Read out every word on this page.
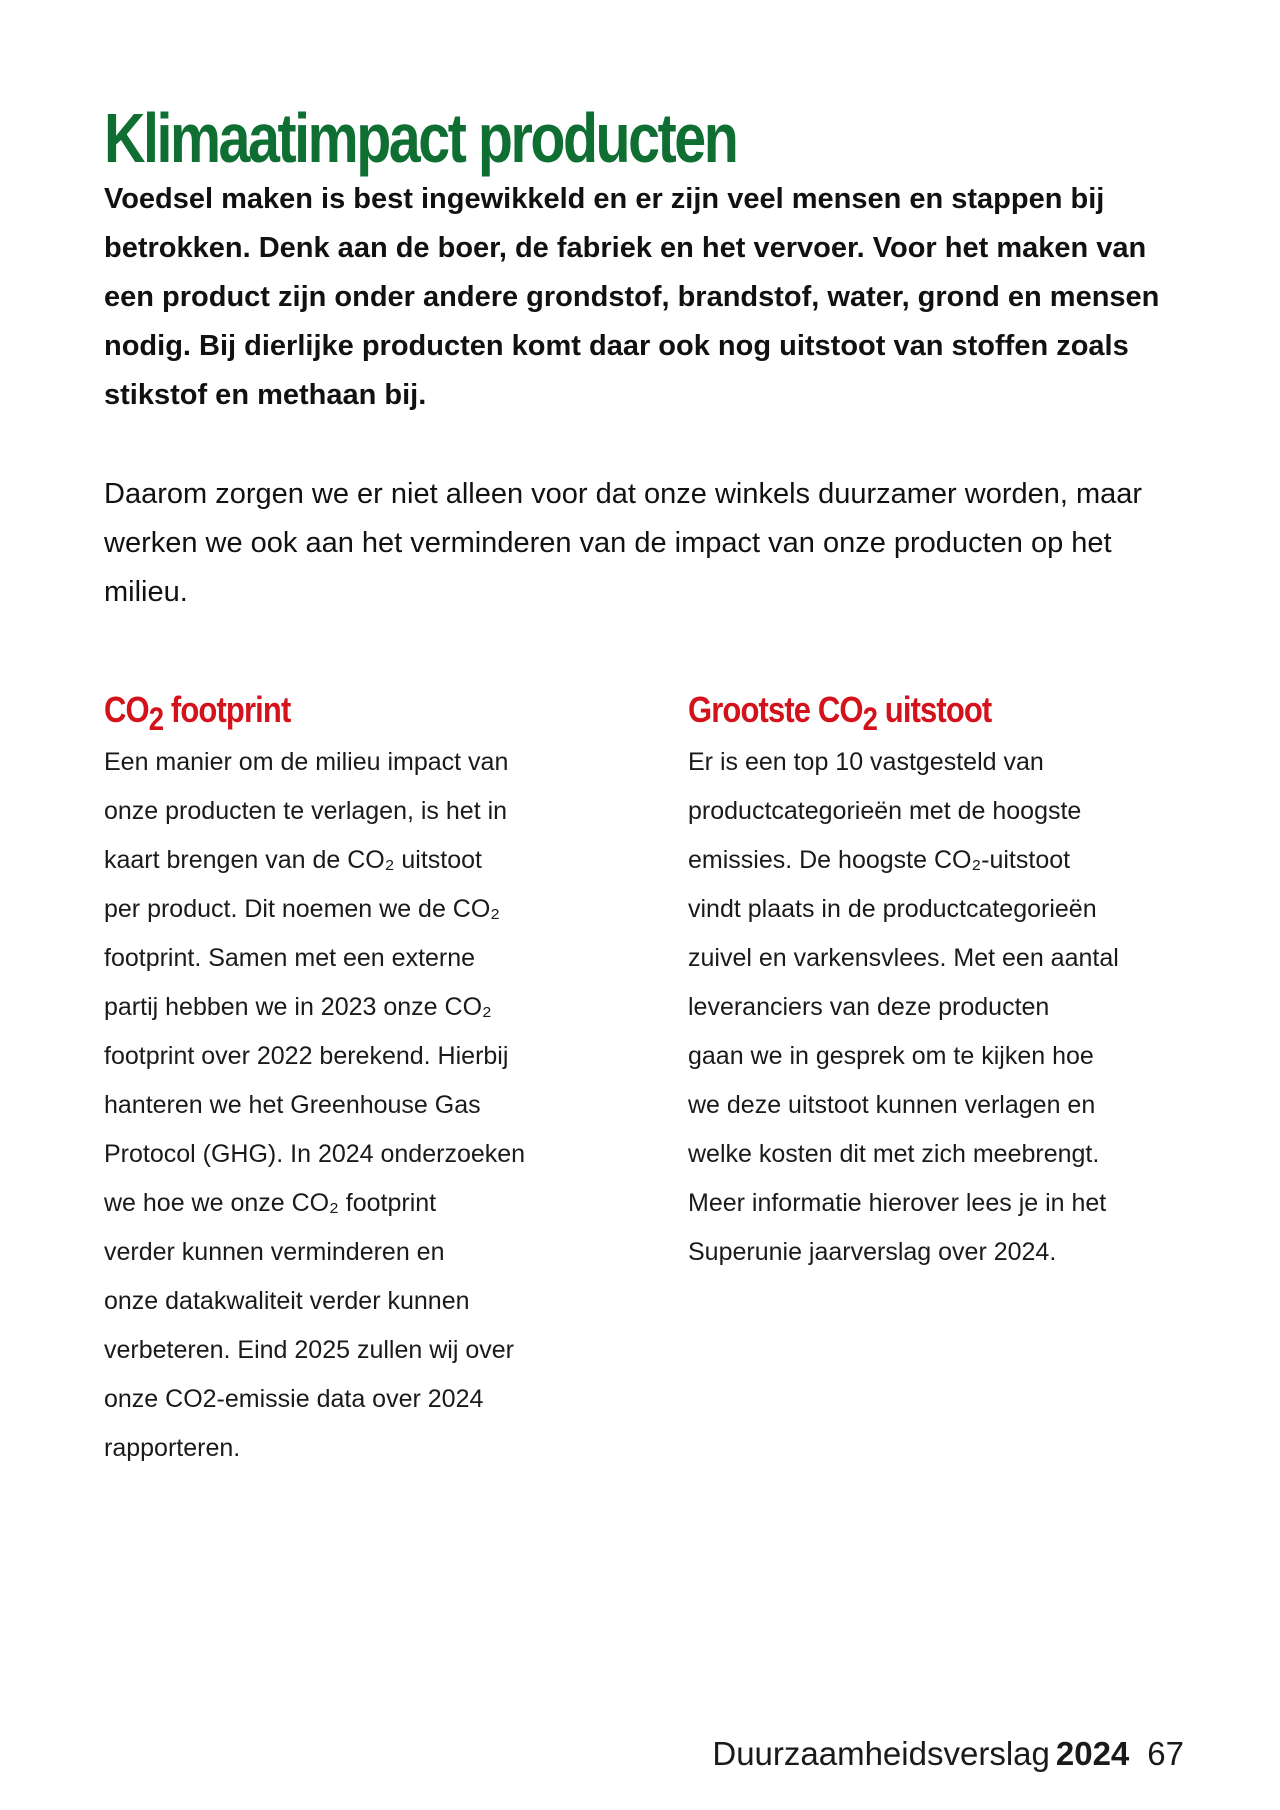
Klimaatimpact producten

Voedsel maken is best ingewikkeld en er zijn veel mensen en stappen bij betrokken. Denk aan de boer, de fabriek en het vervoer. Voor het maken van een product zijn onder andere grondstof, brandstof, water, grond en mensen nodig. Bij dierlijke producten komt daar ook nog uitstoot van stoffen zoals stikstof en methaan bij.

Daarom zorgen we er niet alleen voor dat onze winkels duurzamer worden, maar werken we ook aan het verminderen van de impact van onze producten op het milieu.

CO2 footprint
Een manier om de milieu impact van
onze producten te verlagen, is het in
kaart brengen van de CO₂ uitstoot
per product. Dit noemen we de CO₂
footprint. Samen met een externe
partij hebben we in 2023 onze CO₂
footprint over 2022 berekend. Hierbij
hanteren we het Greenhouse Gas
Protocol (GHG). In 2024 onderzoeken
we hoe we onze CO₂ footprint
verder kunnen verminderen en
onze datakwaliteit verder kunnen
verbeteren. Eind 2025 zullen wij over
onze CO2-emissie data over 2024
rapporteren.
Grootste CO2 uitstoot
Er is een top 10 vastgesteld van
productcategorieën met de hoogste
emissies. De hoogste CO₂-uitstoot
vindt plaats in de productcategorieën
zuivel en varkensvlees. Met een aantal
leveranciers van deze producten
gaan we in gesprek om te kijken hoe
we deze uitstoot kunnen verlagen en
welke kosten dit met zich meebrengt.
Meer informatie hierover lees je in het
Superunie jaarverslag over 2024.
Duurzaamheidsverslag 2024 67
